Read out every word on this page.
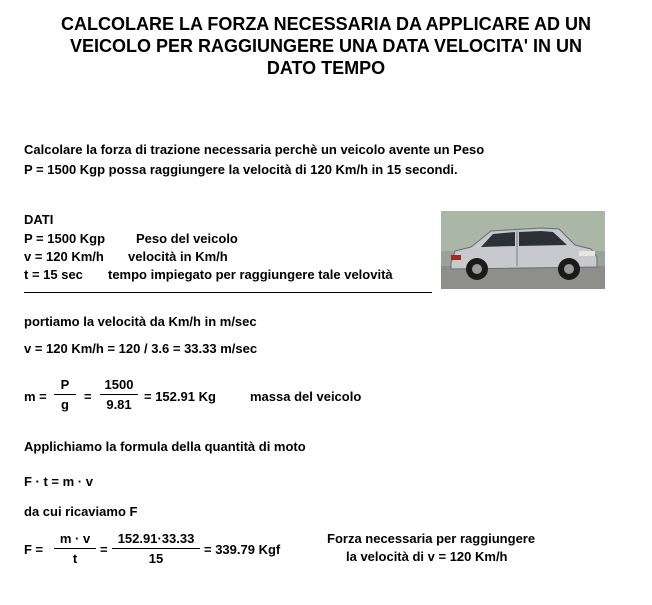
CALCOLARE LA FORZA NECESSARIA DA APPLICARE AD UN
VEICOLO PER RAGGIUNGERE UNA DATA VELOCITA' IN UN
DATO TEMPO
Calcolare la forza di trazione necessaria perchè un veicolo avente un Peso
P = 1500 Kgp possa raggiungere la velocità di 120 Km/h in 15 secondi.
DATI
P = 1500 Kgp Peso del veicolo
v = 120 Km/h velocità in Km/h
t = 15 sec tempo impiegato per raggiungere tale velovità
portiamo la velocità da Km/h in m/sec
v = 120 Km/h = 120 / 3.6 = 33.33 m/sec
m =
P
g
=
1500
9.81
= 152.91 Kg	massa del veicolo
Applichiamo la formula della quantità di moto
F · t = m · v
da cui ricaviamo F
F =
m · v
t
=
152.91·33.33
15
= 339.79 Kgf
Forza necessaria per raggiungere
la velocità di v = 120 Km/h
